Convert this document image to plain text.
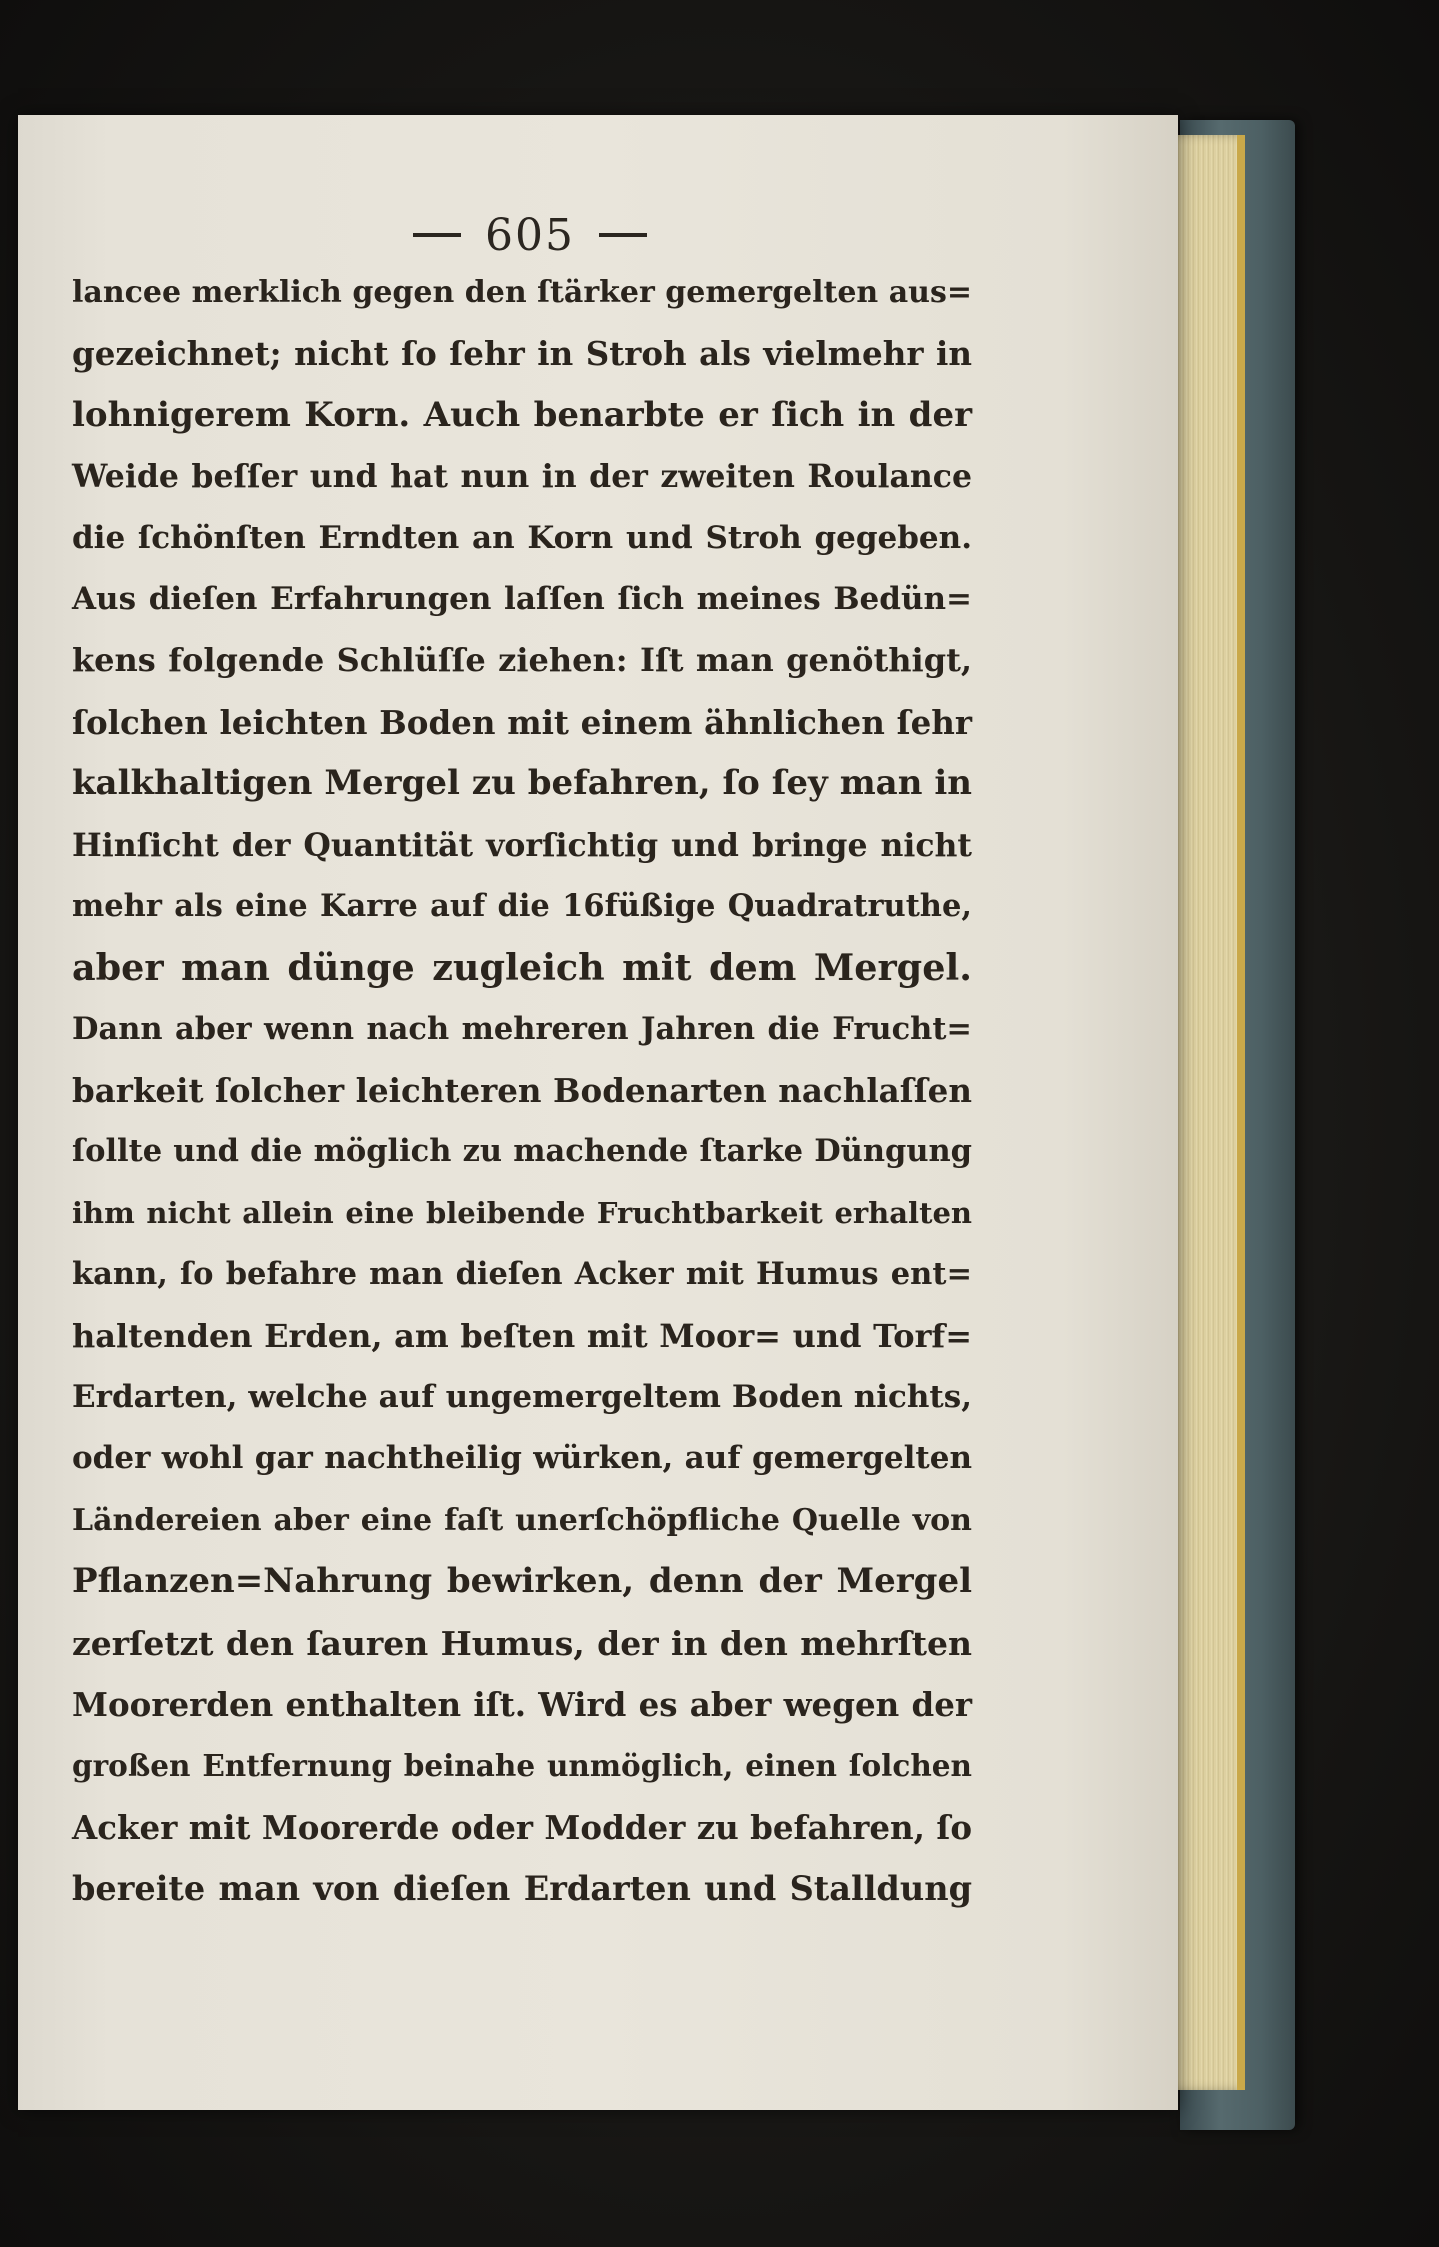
605
lancee merklich gegen den ſtärker gemergelten aus=
gezeichnet; nicht ſo ſehr in Stroh als vielmehr in
lohnigerem Korn. Auch benarbte er ſich in der
Weide beſſer und hat nun in der zweiten Roulance
die ſchönſten Erndten an Korn und Stroh gegeben.
Aus dieſen Erfahrungen laſſen ſich meines Bedün=
kens folgende Schlüſſe ziehen: Iſt man genöthigt,
ſolchen leichten Boden mit einem ähnlichen ſehr
kalkhaltigen Mergel zu befahren, ſo ſey man in
Hinſicht der Quantität vorſichtig und bringe nicht
mehr als eine Karre auf die 16füßige Quadratruthe,
aber man dünge zugleich mit dem Mergel.
Dann aber wenn nach mehreren Jahren die Frucht=
barkeit ſolcher leichteren Bodenarten nachlaſſen
ſollte und die möglich zu machende ſtarke Düngung
ihm nicht allein eine bleibende Fruchtbarkeit erhalten
kann, ſo befahre man dieſen Acker mit Humus ent=
haltenden Erden, am beſten mit Moor= und Torf=
Erdarten, welche auf ungemergeltem Boden nichts,
oder wohl gar nachtheilig würken, auf gemergelten
Ländereien aber eine faſt unerſchöpfliche Quelle von
Pflanzen=Nahrung bewirken, denn der Mergel
zerſetzt den ſauren Humus, der in den mehrſten
Moorerden enthalten iſt. Wird es aber wegen der
großen Entfernung beinahe unmöglich, einen ſolchen
Acker mit Moorerde oder Modder zu befahren, ſo
bereite man von dieſen Erdarten und Stalldung
